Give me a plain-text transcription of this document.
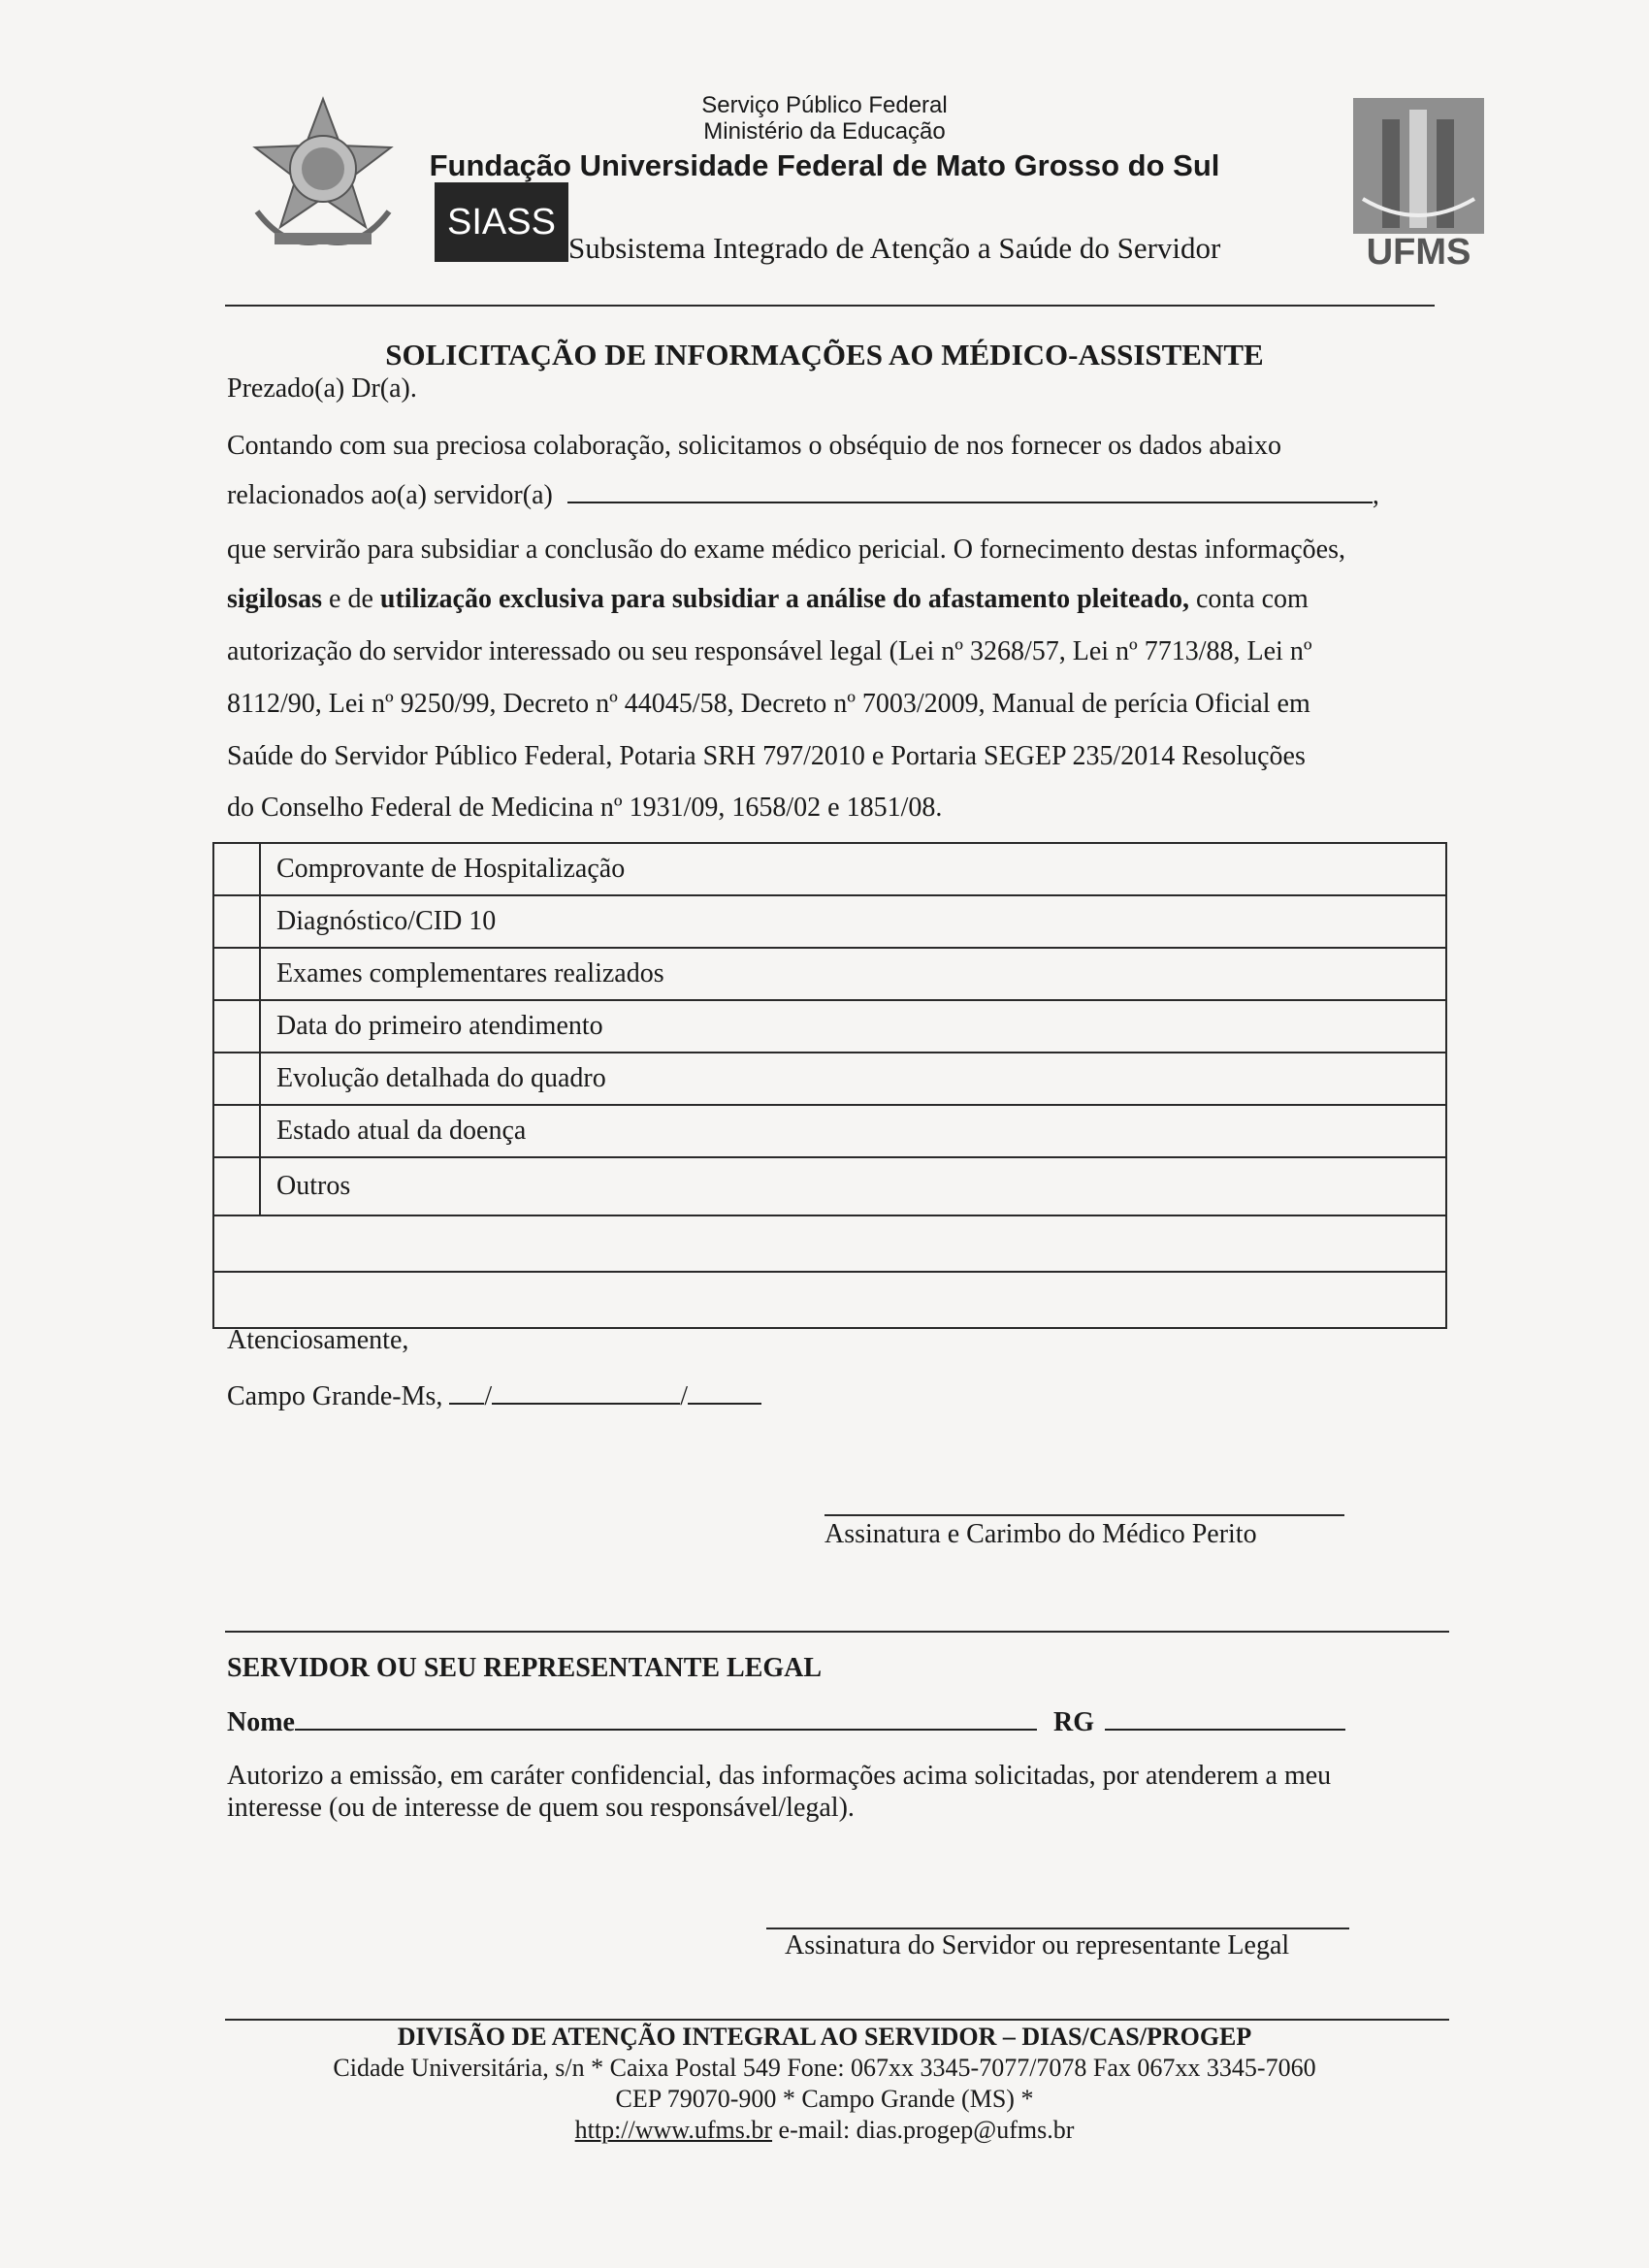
Serviço Público Federal
Ministério da Educação
Fundação Universidade Federal de Mato Grosso do Sul
SIASS
Subsistema Integrado de Atenção a Saúde do Servidor	UFMS
SOLICITAÇÃO DE INFORMAÇÕES AO MÉDICO-ASSISTENTE
Prezado(a) Dr(a).
Contando com sua preciosa colaboração, solicitamos o obséquio de nos fornecer os dados abaixo
relacionados ao(a) servidor(a)	,
que servirão para subsidiar a conclusão do exame médico pericial. O fornecimento destas informações,
sigilosas e de utilização exclusiva para subsidiar a análise do afastamento pleiteado, conta com
autorização do servidor interessado ou seu responsável legal (Lei nº 3268/57, Lei nº 7713/88, Lei nº
8112/90, Lei nº 9250/99, Decreto nº 44045/58, Decreto nº 7003/2009, Manual de perícia Oficial em
Saúde do Servidor Público Federal, Potaria SRH 797/2010 e Portaria SEGEP 235/2014 Resoluções
do Conselho Federal de Medicina nº 1931/09, 1658/02 e 1851/08.
	Comprovante de Hospitalização
	Diagnóstico/CID 10
	Exames complementares realizados
	Data do primeiro atendimento
	Evolução detalhada do quadro
	Estado atual da doença
	Outros

Atenciosamente,
Campo Grande-Ms, /	/
Assinatura e Carimbo do Médico Perito
SERVIDOR OU SEU REPRESENTANTE LEGAL
Nome	RG
Autorizo a emissão, em caráter confidencial, das informações acima solicitadas, por atenderem a meu
interesse (ou de interesse de quem sou responsável/legal).
Assinatura do Servidor ou representante Legal
DIVISÃO DE ATENÇÃO INTEGRAL AO SERVIDOR – DIAS/CAS/PROGEP
Cidade Universitária, s/n * Caixa Postal 549 Fone: 067xx 3345-7077/7078 Fax 067xx 3345-7060
CEP 79070-900 * Campo Grande (MS) *
http://www.ufms.br e-mail: dias.progep@ufms.br
